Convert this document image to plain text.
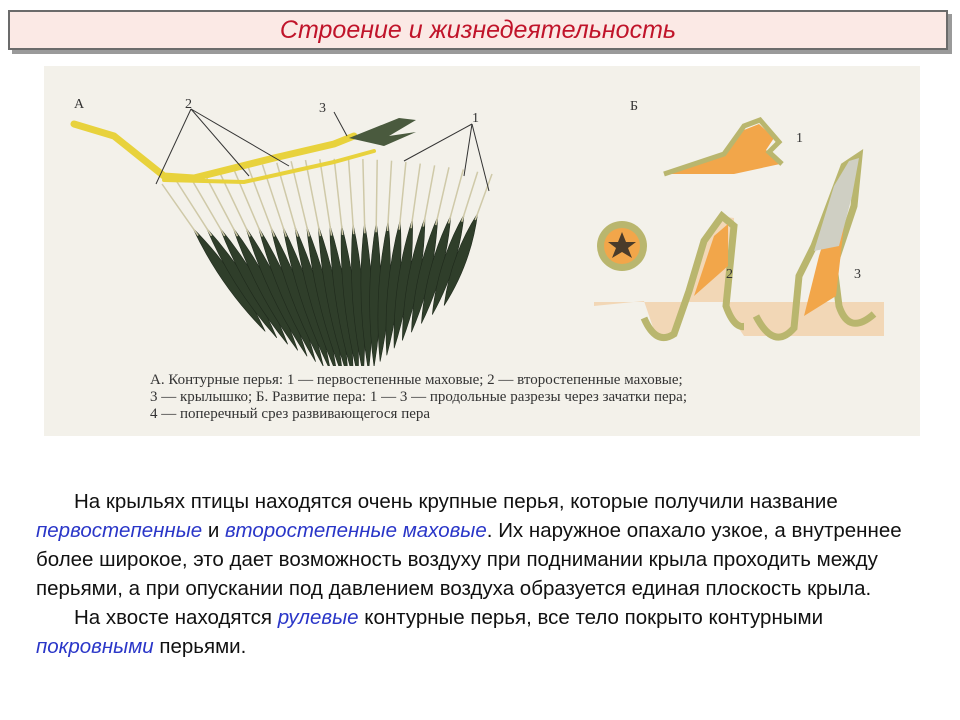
Строение и жизнедеятельность
А	2	3
1
Б
1
2	3
А. Контурные перья: 1 — первостепенные маховые; 2 — второстепенные маховые;
3 — крылышко; Б. Развитие пера: 1 — 3 — продольные разрезы через зачатки пера;
4 — поперечный срез развивающегося пера

На крыльях птицы находятся очень крупные перья, которые получили название первостепенные и второстепенные маховые. Их наружное опахало узкое, а внутреннее более широкое, это дает возможность воздуху при поднимании крыла проходить между перьями, а при опускании под давлением воздуха образуется единая плоскость крыла.

На хвосте находятся рулевые контурные перья, все тело покрыто контурными покровными перьями.
